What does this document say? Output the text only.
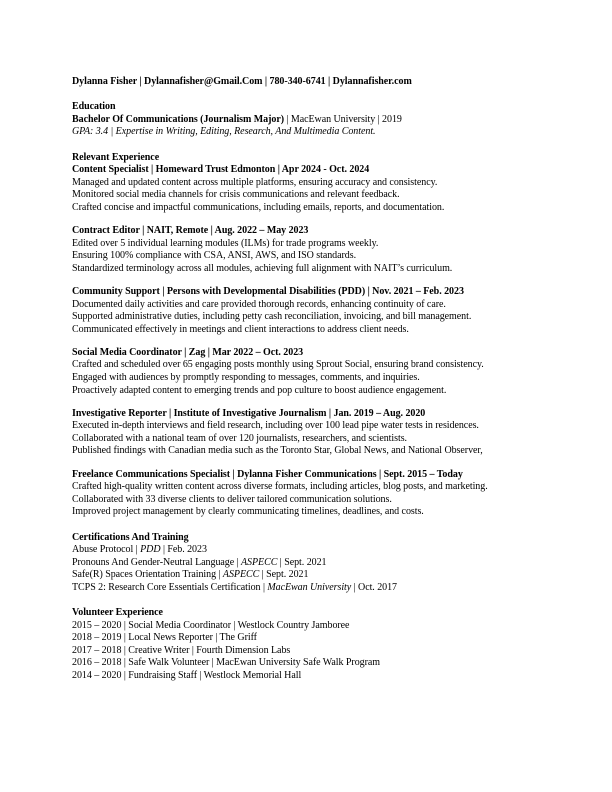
Dylanna Fisher | Dylannafisher@Gmail.Com | 780-340-6741 | Dylannafisher.com
Education
Bachelor Of Communications (Journalism Major) | MacEwan University | 2019
GPA: 3.4 | Expertise in Writing, Editing, Research, And Multimedia Content.
Relevant Experience
Content Specialist | Homeward Trust Edmonton | Apr 2024 - Oct. 2024
Managed and updated content across multiple platforms, ensuring accuracy and consistency.
Monitored social media channels for crisis communications and relevant feedback.
Crafted concise and impactful communications, including emails, reports, and documentation.
Contract Editor | NAIT, Remote | Aug. 2022 – May 2023
Edited over 5 individual learning modules (ILMs) for trade programs weekly.
Ensuring 100% compliance with CSA, ANSI, AWS, and ISO standards.
Standardized terminology across all modules, achieving full alignment with NAIT’s curriculum.
Community Support | Persons with Developmental Disabilities (PDD) | Nov. 2021 – Feb. 2023
Documented daily activities and care provided thorough records, enhancing continuity of care.
Supported administrative duties, including petty cash reconciliation, invoicing, and bill management.
Communicated effectively in meetings and client interactions to address client needs.
Social Media Coordinator | Zag | Mar 2022 – Oct. 2023
Crafted and scheduled over 65 engaging posts monthly using Sprout Social, ensuring brand consistency.
Engaged with audiences by promptly responding to messages, comments, and inquiries.
Proactively adapted content to emerging trends and pop culture to boost audience engagement.
Investigative Reporter | Institute of Investigative Journalism | Jan. 2019 – Aug. 2020
Executed in-depth interviews and field research, including over 100 lead pipe water tests in residences.
Collaborated with a national team of over 120 journalists, researchers, and scientists.
Published findings with Canadian media such as the Toronto Star, Global News, and National Observer,
Freelance Communications Specialist | Dylanna Fisher Communications | Sept. 2015 – Today
Crafted high-quality written content across diverse formats, including articles, blog posts, and marketing.
Collaborated with 33 diverse clients to deliver tailored communication solutions.
Improved project management by clearly communicating timelines, deadlines, and costs.
Certifications And Training
Abuse Protocol | PDD | Feb. 2023
Pronouns And Gender-Neutral Language | ASPECC | Sept. 2021
Safe(R) Spaces Orientation Training | ASPECC | Sept. 2021
TCPS 2: Research Core Essentials Certification | MacEwan University | Oct. 2017
Volunteer Experience
2015 – 2020 | Social Media Coordinator | Westlock Country Jamboree
2018 – 2019 | Local News Reporter | The Griff
2017 – 2018 | Creative Writer | Fourth Dimension Labs
2016 – 2018 | Safe Walk Volunteer | MacEwan University Safe Walk Program
2014 – 2020 | Fundraising Staff | Westlock Memorial Hall
